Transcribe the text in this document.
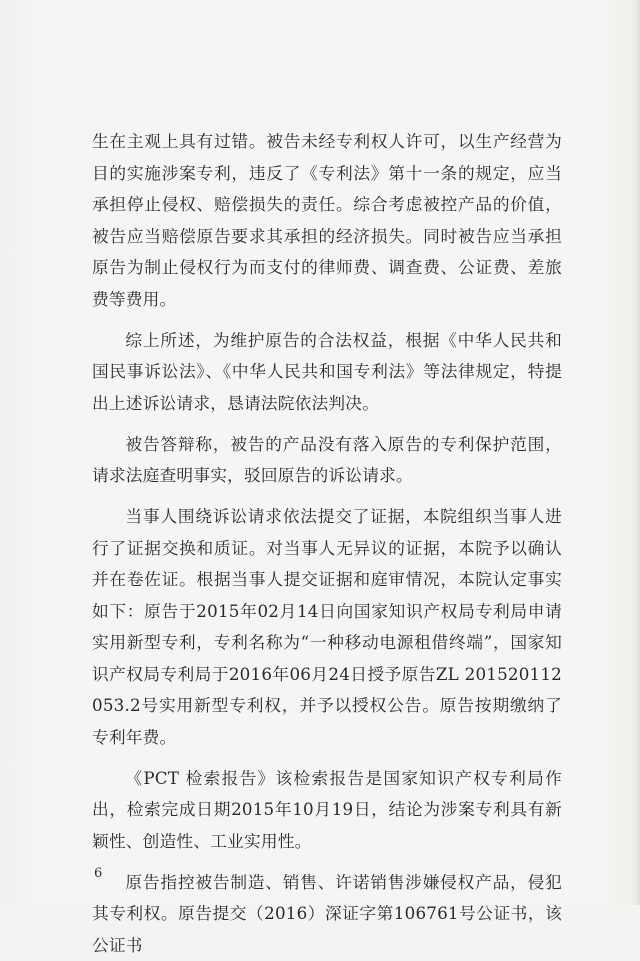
生在主观上具有过错。被告未经专利权人许可，以生产经营为目的实施涉案专利，违反了《专利法》第十一条的规定，应当承担停止侵权、赔偿损失的责任。综合考虑被控产品的价值，被告应当赔偿原告要求其承担的经济损失。同时被告应当承担原告为制止侵权行为而支付的律师费、调查费、公证费、差旅费等费用。

综上所述，为维护原告的合法权益，根据《中华人民共和国民事诉讼法》、《中华人民共和国专利法》等法律规定，特提出上述诉讼请求，恳请法院依法判决。

被告答辩称，被告的产品没有落入原告的专利保护范围，请求法庭查明事实，驳回原告的诉讼请求。

当事人围绕诉讼请求依法提交了证据，本院组织当事人进行了证据交换和质证。对当事人无异议的证据，本院予以确认并在卷佐证。根据当事人提交证据和庭审情况，本院认定事实如下：原告于2015年02月14日向国家知识产权局专利局申请实用新型专利，专利名称为“一种移动电源租借终端”，国家知识产权局专利局于2016年06月24日授予原告ZL 201520112053.2号实用新型专利权，并予以授权公告。原告按期缴纳了专利年费。

《PCT 检索报告》该检索报告是国家知识产权专利局作出，检索完成日期2015年10月19日，结论为涉案专利具有新颖性、创造性、工业实用性。

原告指控被告制造、销售、许诺销售涉嫌侵权产品，侵犯其专利权。原告提交（2016）深证字第106761号公证书，该公证书

6
